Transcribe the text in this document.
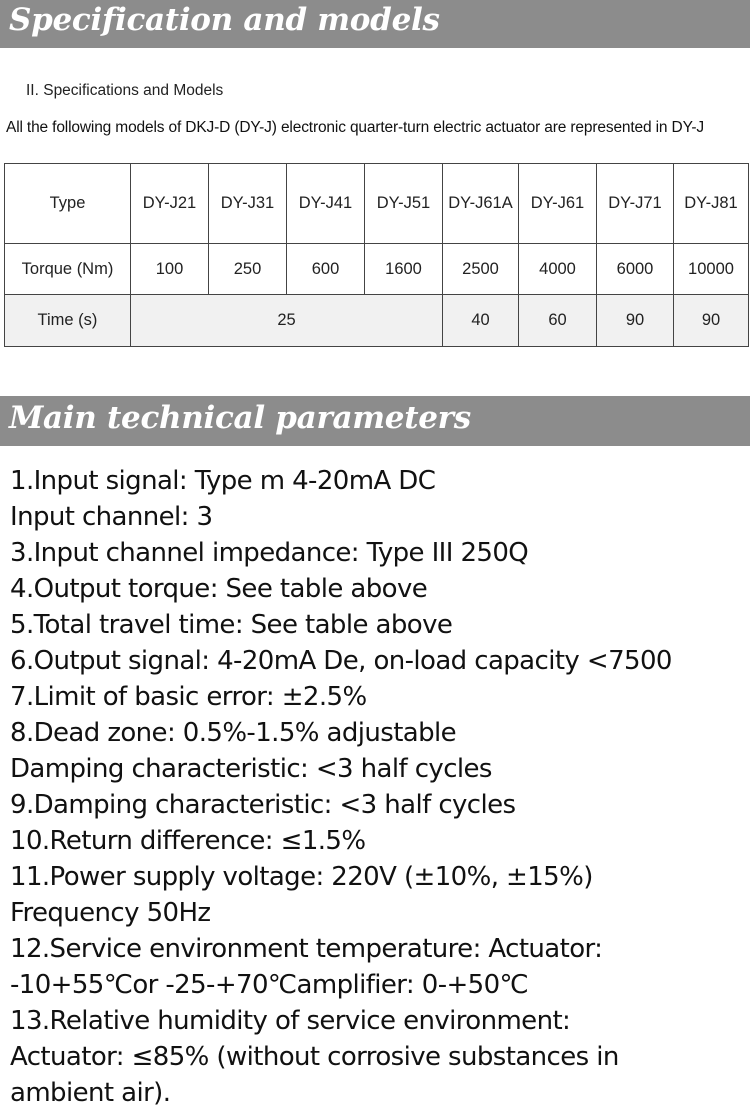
Specification and models
II. Specifications and Models
All the following models of DKJ-D (DY-J) electronic quarter-turn electric actuator are represented in DY-J
Type	DY-J21	DY-J31	DY-J41	DY-J51	DY-J61A	DY-J61	DY-J71	DY-J81
Torque (Nm)	100	250	600	1600	2500	4000	6000	10000
Time (s)	25				40	60	90	90
Main technical parameters
1.Input signal: Type m 4-20mA DC
Input channel: 3
3.Input channel impedance: Type III 250Q
4.Output torque: See table above
5.Total travel time: See table above
6.Output signal: 4-20mA De, on-load capacity <7500
7.Limit of basic error: ±2.5%
8.Dead zone: 0.5%-1.5% adjustable
Damping characteristic: <3 half cycles
9.Damping characteristic: <3 half cycles
10.Return difference: ≤1.5%
11.Power supply voltage: 220V (±10%, ±15%)
Frequency 50Hz
12.Service environment temperature: Actuator:
-10+55℃or -25-+70℃amplifier: 0-+50℃
13.Relative humidity of service environment:
Actuator: ≤85% (without corrosive substances in
ambient air).
